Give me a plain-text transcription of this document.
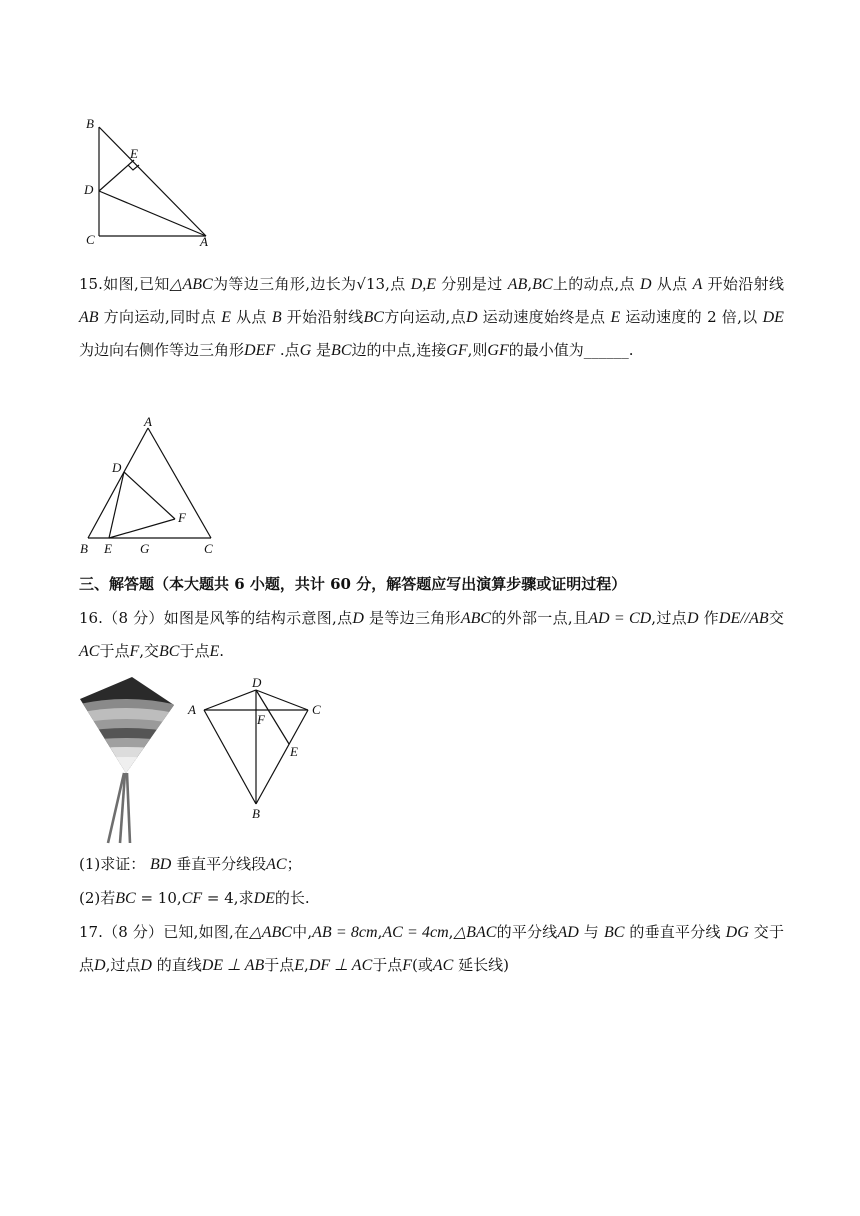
B
E
D
C	A

15.如图,已知△ABC为等边三角形,边长为√13,点 D,E 分别是过 AB,BC上的动点,点 D 从点 A 开始沿射线 AB 方向运动,同时点 E 从点 B 开始沿射线BC方向运动,点D 运动速度始终是点 E 运动速度的 2 倍,以 DE 为边向右侧作等边三角形DEF .点G 是BC边的中点,连接GF,则GF的最小值为______.

A
D
F
B E G	C

三、解答题（本大题共 6 小题，共计 60 分，解答题应写出演算步骤或证明过程）

16.（8 分）如图是风筝的结构示意图,点D 是等边三角形ABC的外部一点,且AD = CD,过点D 作DE//AB交AC于点F,交BC于点E.

D
A	C
F
E
B

(1)求证： BD 垂直平分线段AC；

(2)若BC = 10,CF = 4,求DE的长.

17.（8 分）已知,如图,在△ABC中,AB = 8cm,AC = 4cm,△BAC的平分线AD 与 BC 的垂直平分线 DG 交于点D,过点D 的直线DE ⊥ AB于点E,DF ⊥ AC于点F(或AC 延长线)
